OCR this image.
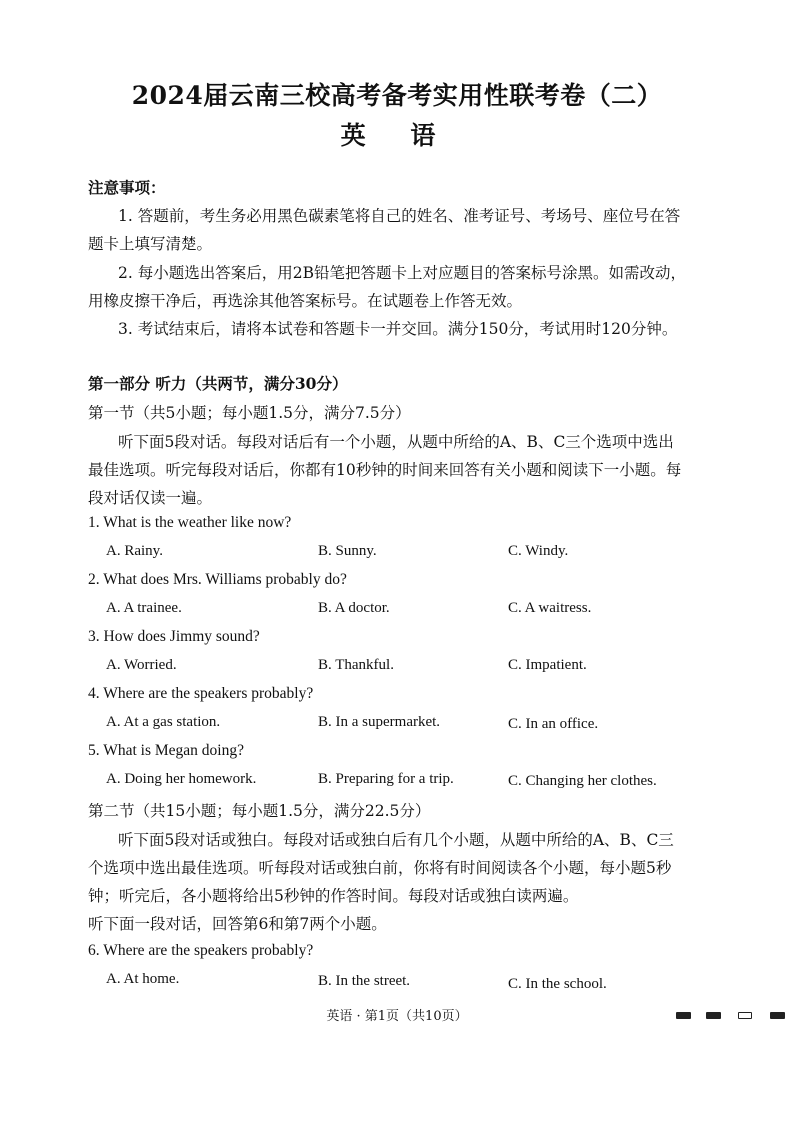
2024届云南三校高考备考实用性联考卷（二）
英 语
注意事项：
1. 答题前，考生务必用黑色碳素笔将自己的姓名、准考证号、考场号、座位号在答
题卡上填写清楚。
2. 每小题选出答案后，用2B铅笔把答题卡上对应题目的答案标号涂黑。如需改动，
用橡皮擦干净后，再选涂其他答案标号。在试题卷上作答无效。
3. 考试结束后，请将本试卷和答题卡一并交回。满分150分，考试用时120分钟。
第一部分 听力（共两节，满分30分）
第一节（共5小题；每小题1.5分，满分7.5分）
听下面5段对话。每段对话后有一个小题，从题中所给的A、B、C三个选项中选出
最佳选项。听完每段对话后，你都有10秒钟的时间来回答有关小题和阅读下一小题。每
段对话仅读一遍。
1. What is the weather like now?
A. Rainy.	B. Sunny.	C. Windy.
2. What does Mrs. Williams probably do?
A. A trainee.	B. A doctor.	C. A waitress.
3. How does Jimmy sound?
A. Worried.	B. Thankful.	C. Impatient.
4. Where are the speakers probably?
A. At a gas station.	B. In a supermarket.	C. In an office.
5. What is Megan doing?
A. Doing her homework.	B. Preparing for a trip.	C. Changing her clothes.
第二节（共15小题；每小题1.5分，满分22.5分）
听下面5段对话或独白。每段对话或独白后有几个小题，从题中所给的A、B、C三
个选项中选出最佳选项。听每段对话或独白前，你将有时间阅读各个小题，每小题5秒
钟；听完后，各小题将给出5秒钟的作答时间。每段对话或独白读两遍。
听下面一段对话，回答第6和第7两个小题。
6. Where are the speakers probably?
A. At home.	B. In the street.	C. In the school.
英语 · 第1页（共10页）
